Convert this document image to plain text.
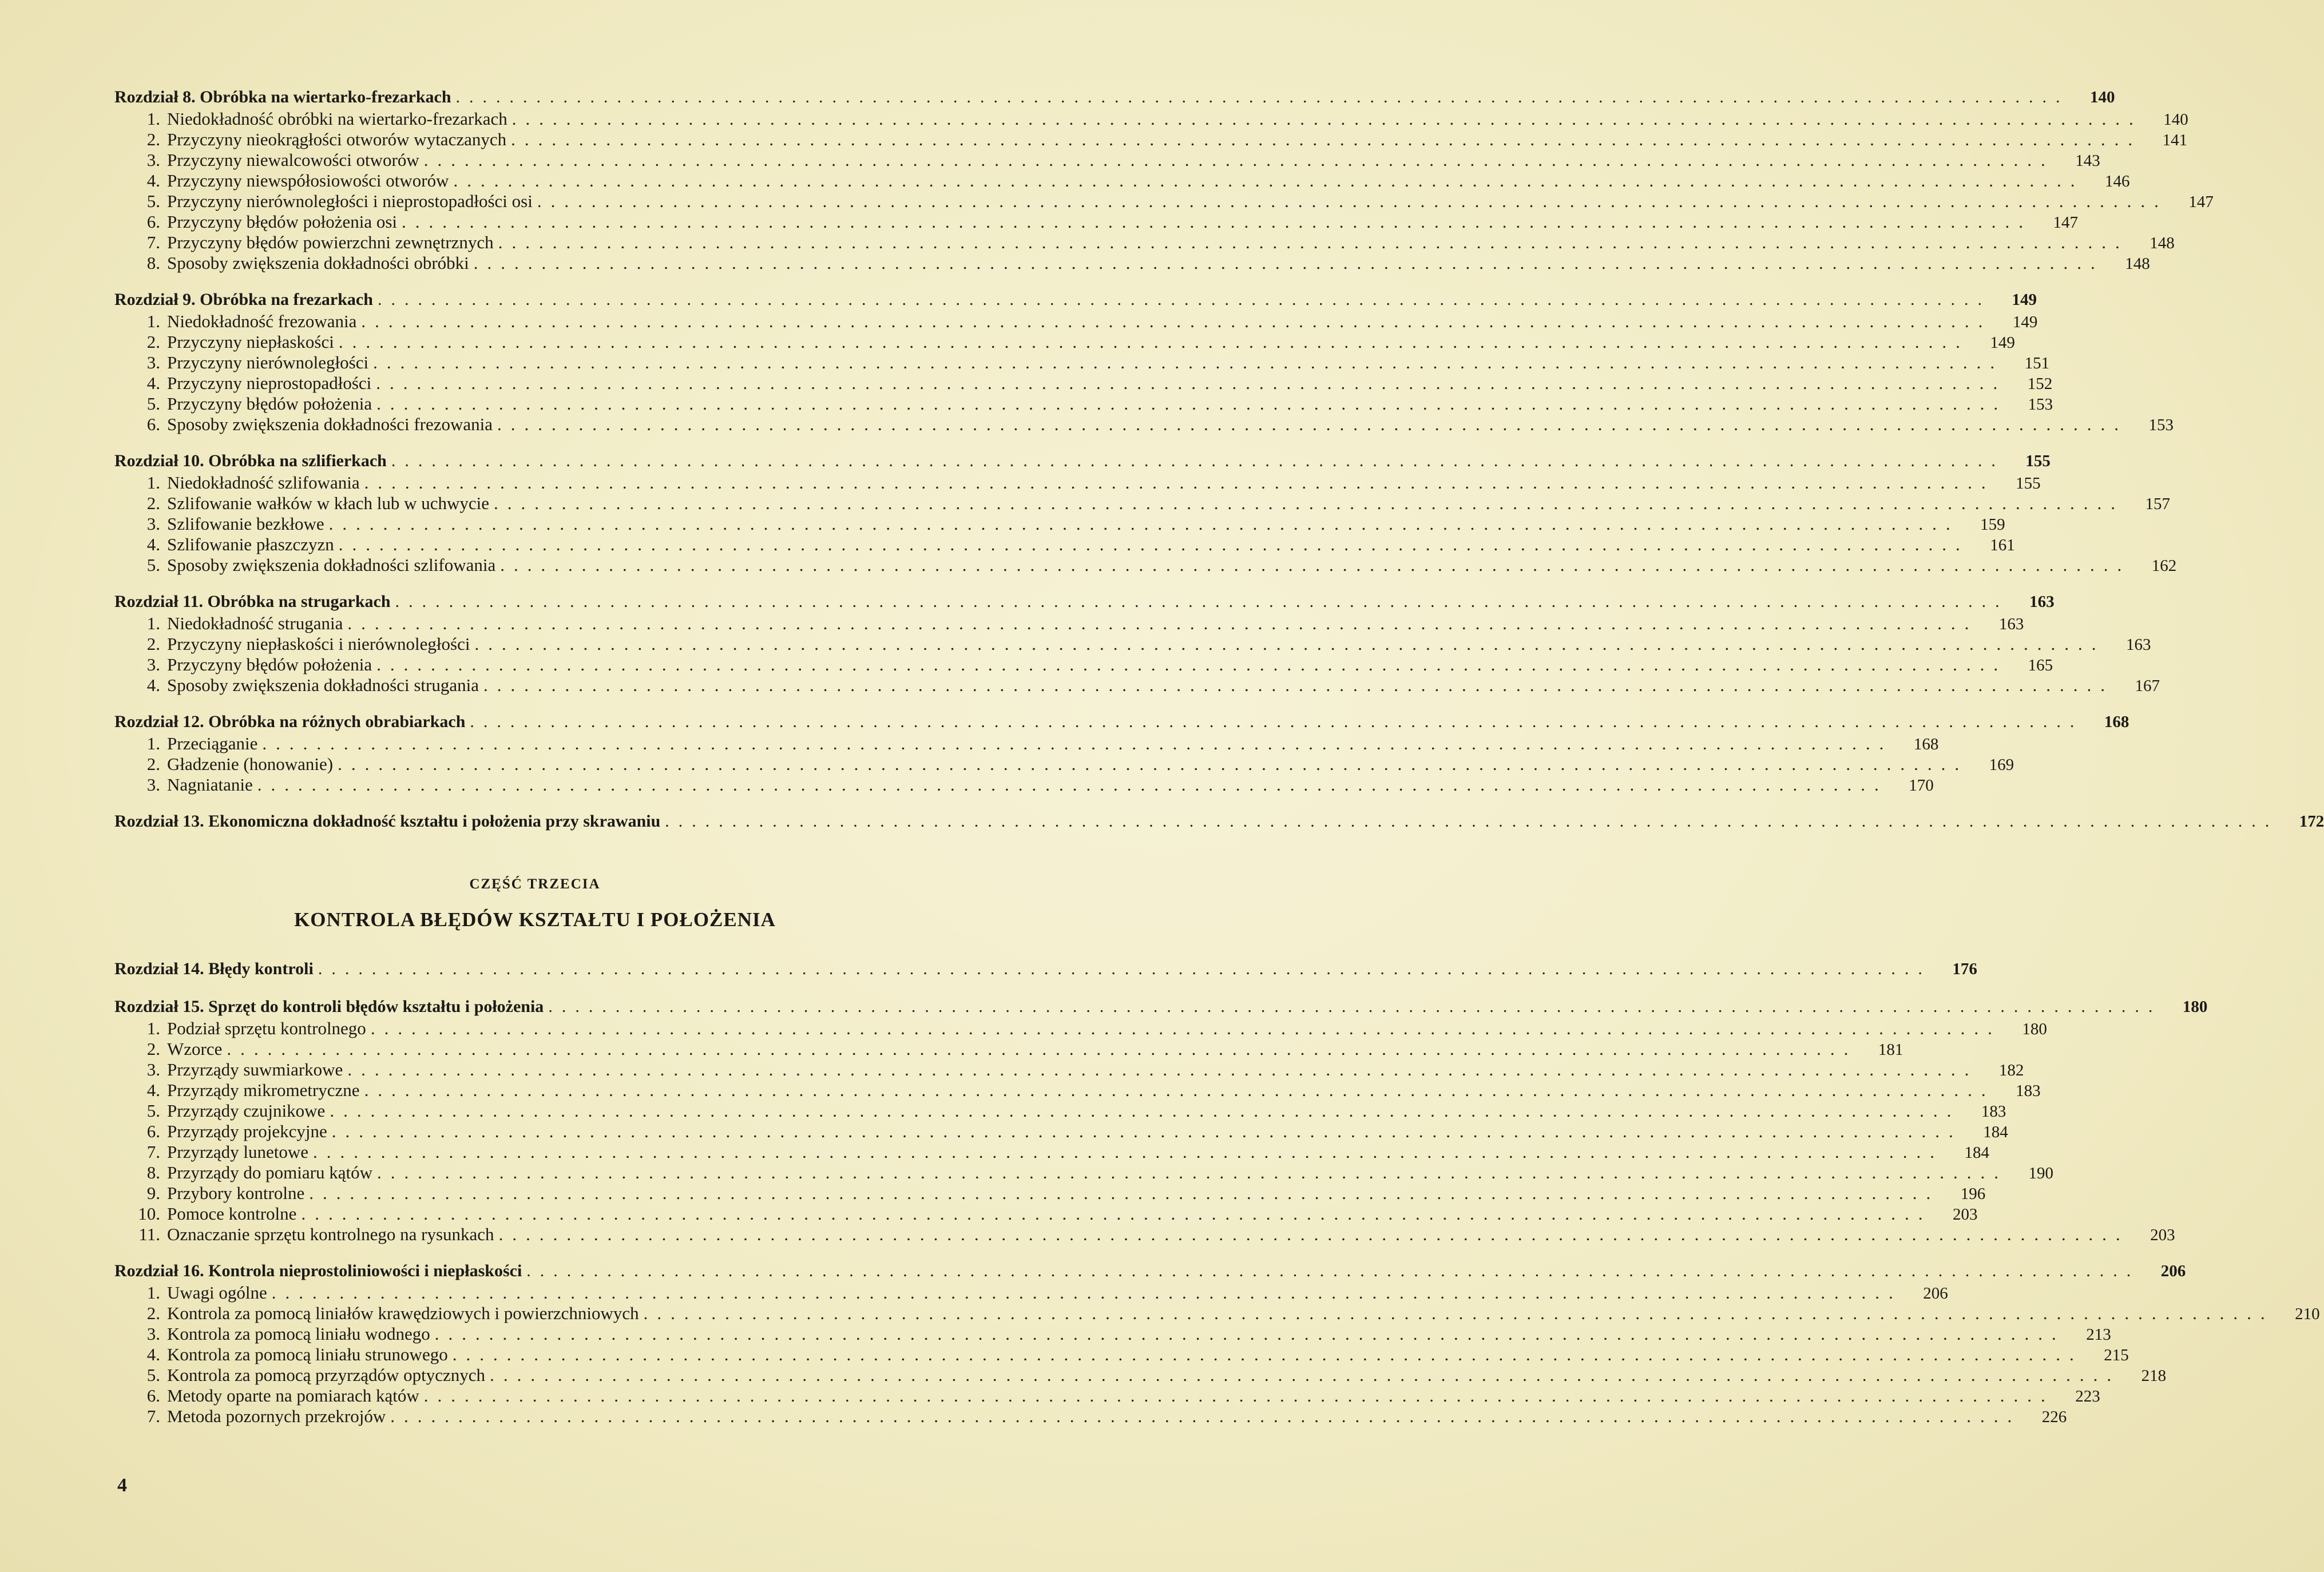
Rozdział 8. Obróbka na wiertarko-frezarkach ........................................................................................................................	140
1. Niedokładność obróbki na wiertarko-frezarkach ........................................................................................................................	140
2. Przyczyny nieokrągłości otworów wytaczanych ........................................................................................................................	141
3. Przyczyny niewalcowości otworów ........................................................................................................................	143
4. Przyczyny niewspółosiowości otworów ........................................................................................................................	146
5. Przyczyny nierównoległości i nieprostopadłości osi ........................................................................................................................	147
6. Przyczyny błędów położenia osi ........................................................................................................................	147
7. Przyczyny błędów powierzchni zewnętrznych ........................................................................................................................	148
8. Sposoby zwiększenia dokładności obróbki ........................................................................................................................	148
Rozdział 9. Obróbka na frezarkach ........................................................................................................................	149
1. Niedokładność frezowania ........................................................................................................................	149
2. Przyczyny niepłaskości ........................................................................................................................	149
3. Przyczyny nierównoległości ........................................................................................................................	151
4. Przyczyny nieprostopadłości ........................................................................................................................	152
5. Przyczyny błędów położenia ........................................................................................................................	153
6. Sposoby zwiększenia dokładności frezowania ........................................................................................................................	153
Rozdział 10. Obróbka na szlifierkach ........................................................................................................................	155
1. Niedokładność szlifowania ........................................................................................................................	155
2. Szlifowanie wałków w kłach lub w uchwycie ........................................................................................................................	157
3. Szlifowanie bezkłowe ........................................................................................................................	159
4. Szlifowanie płaszczyzn ........................................................................................................................	161
5. Sposoby zwiększenia dokładności szlifowania ........................................................................................................................	162
Rozdział 11. Obróbka na strugarkach ........................................................................................................................	163
1. Niedokładność strugania ........................................................................................................................	163
2. Przyczyny niepłaskości i nierównoległości ........................................................................................................................	163
3. Przyczyny błędów położenia ........................................................................................................................	165
4. Sposoby zwiększenia dokładności strugania ........................................................................................................................	167
Rozdział 12. Obróbka na różnych obrabiarkach ........................................................................................................................	168
1. Przeciąganie ........................................................................................................................	168
2. Gładzenie (honowanie) ........................................................................................................................	169
3. Nagniatanie ........................................................................................................................	170
Rozdział 13. Ekonomiczna dokładność kształtu i położenia przy skrawaniu ........................................................................................................................	172
CZĘŚĆ TRZECIA
KONTROLA BŁĘDÓW KSZTAŁTU I POŁOŻENIA
Rozdział 14. Błędy kontroli ........................................................................................................................	176
Rozdział 15. Sprzęt do kontroli błędów kształtu i położenia ........................................................................................................................	180
1. Podział sprzętu kontrolnego ........................................................................................................................	180
2. Wzorce ........................................................................................................................	181
3. Przyrządy suwmiarkowe ........................................................................................................................	182
4. Przyrządy mikrometryczne ........................................................................................................................	183
5. Przyrządy czujnikowe ........................................................................................................................	183
6. Przyrządy projekcyjne ........................................................................................................................	184
7. Przyrządy lunetowe ........................................................................................................................	184
8. Przyrządy do pomiaru kątów ........................................................................................................................	190
9. Przybory kontrolne ........................................................................................................................	196
10. Pomoce kontrolne ........................................................................................................................	203
11. Oznaczanie sprzętu kontrolnego na rysunkach ........................................................................................................................	203
Rozdział 16. Kontrola nieprostoliniowości i niepłaskości ........................................................................................................................	206
1. Uwagi ogólne ........................................................................................................................	206
2. Kontrola za pomocą liniałów krawędziowych i powierzchniowych ........................................................................................................................	210
3. Kontrola za pomocą liniału wodnego ........................................................................................................................	213
4. Kontrola za pomocą liniału strunowego ........................................................................................................................	215
5. Kontrola za pomocą przyrządów optycznych ........................................................................................................................	218
6. Metody oparte na pomiarach kątów ........................................................................................................................	223
7. Metoda pozornych przekrojów ........................................................................................................................	226
4
